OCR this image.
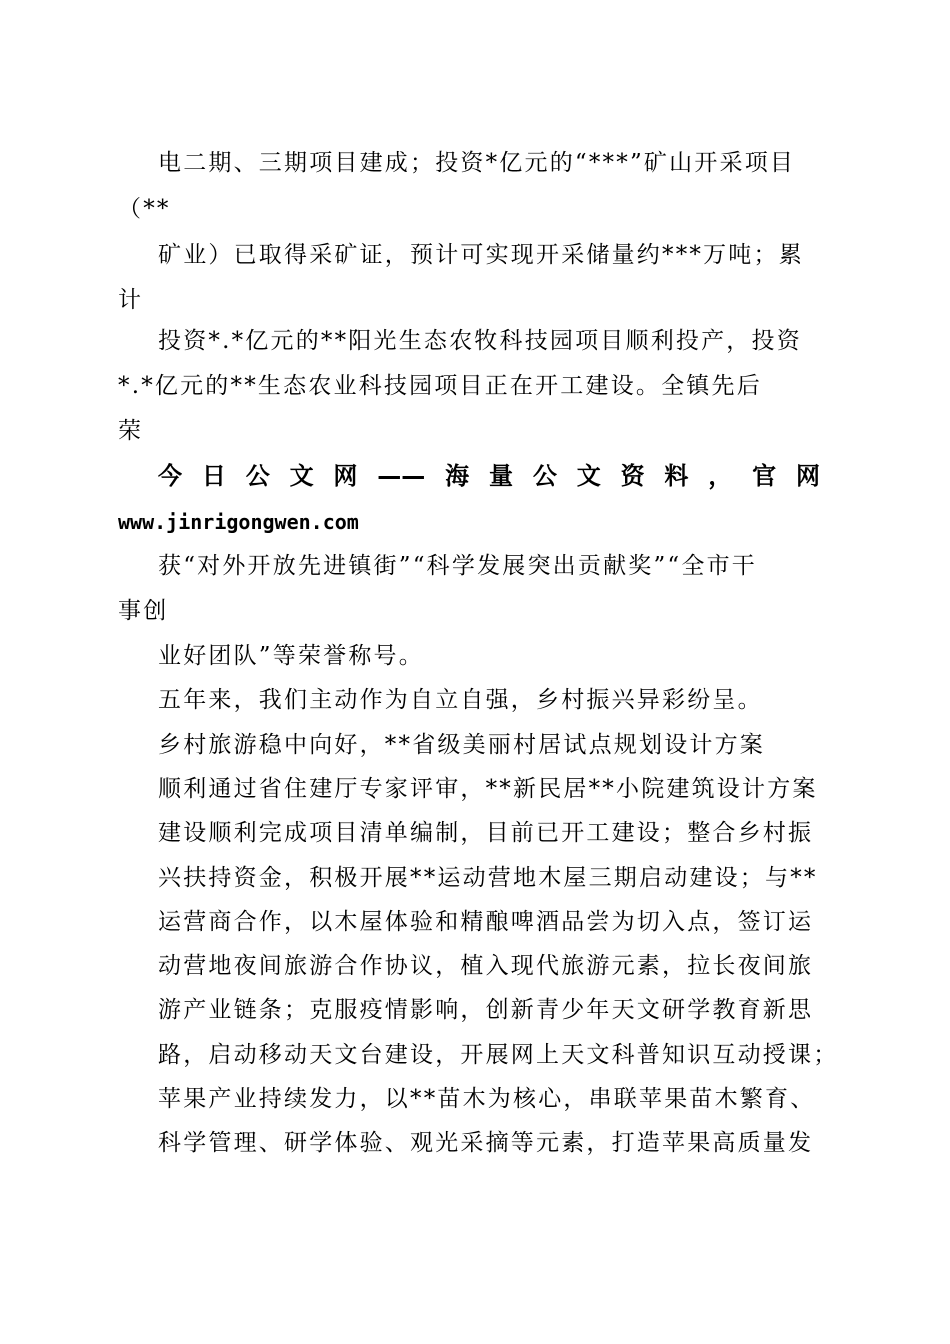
电二期、三期项目建成；投资*亿元的“***”矿山开采项目

（**

矿业）已取得采矿证，预计可实现开采储量约***万吨；累

计

投资*.*亿元的**阳光生态农牧科技园项目顺利投产，投资

*.*亿元的**生态农业科技园项目正在开工建设。全镇先后

荣

今日公文网——海量公文资料，官网
www.jinrigongwen.com

获“对外开放先进镇街”“科学发展突出贡献奖”“全市干

事创

业好团队”等荣誉称号。

五年来，我们主动作为自立自强，乡村振兴异彩纷呈。

乡村旅游稳中向好，**省级美丽村居试点规划设计方案

顺利通过省住建厅专家评审，**新民居**小院建筑设计方案

建设顺利完成项目清单编制，目前已开工建设；整合乡村振

兴扶持资金，积极开展**运动营地木屋三期启动建设；与**

运营商合作，以木屋体验和精酿啤酒品尝为切入点，签订运

动营地夜间旅游合作协议，植入现代旅游元素，拉长夜间旅

游产业链条；克服疫情影响，创新青少年天文研学教育新思

路，启动移动天文台建设，开展网上天文科普知识互动授课；

苹果产业持续发力，以**苗木为核心，串联苹果苗木繁育、

科学管理、研学体验、观光采摘等元素，打造苹果高质量发
